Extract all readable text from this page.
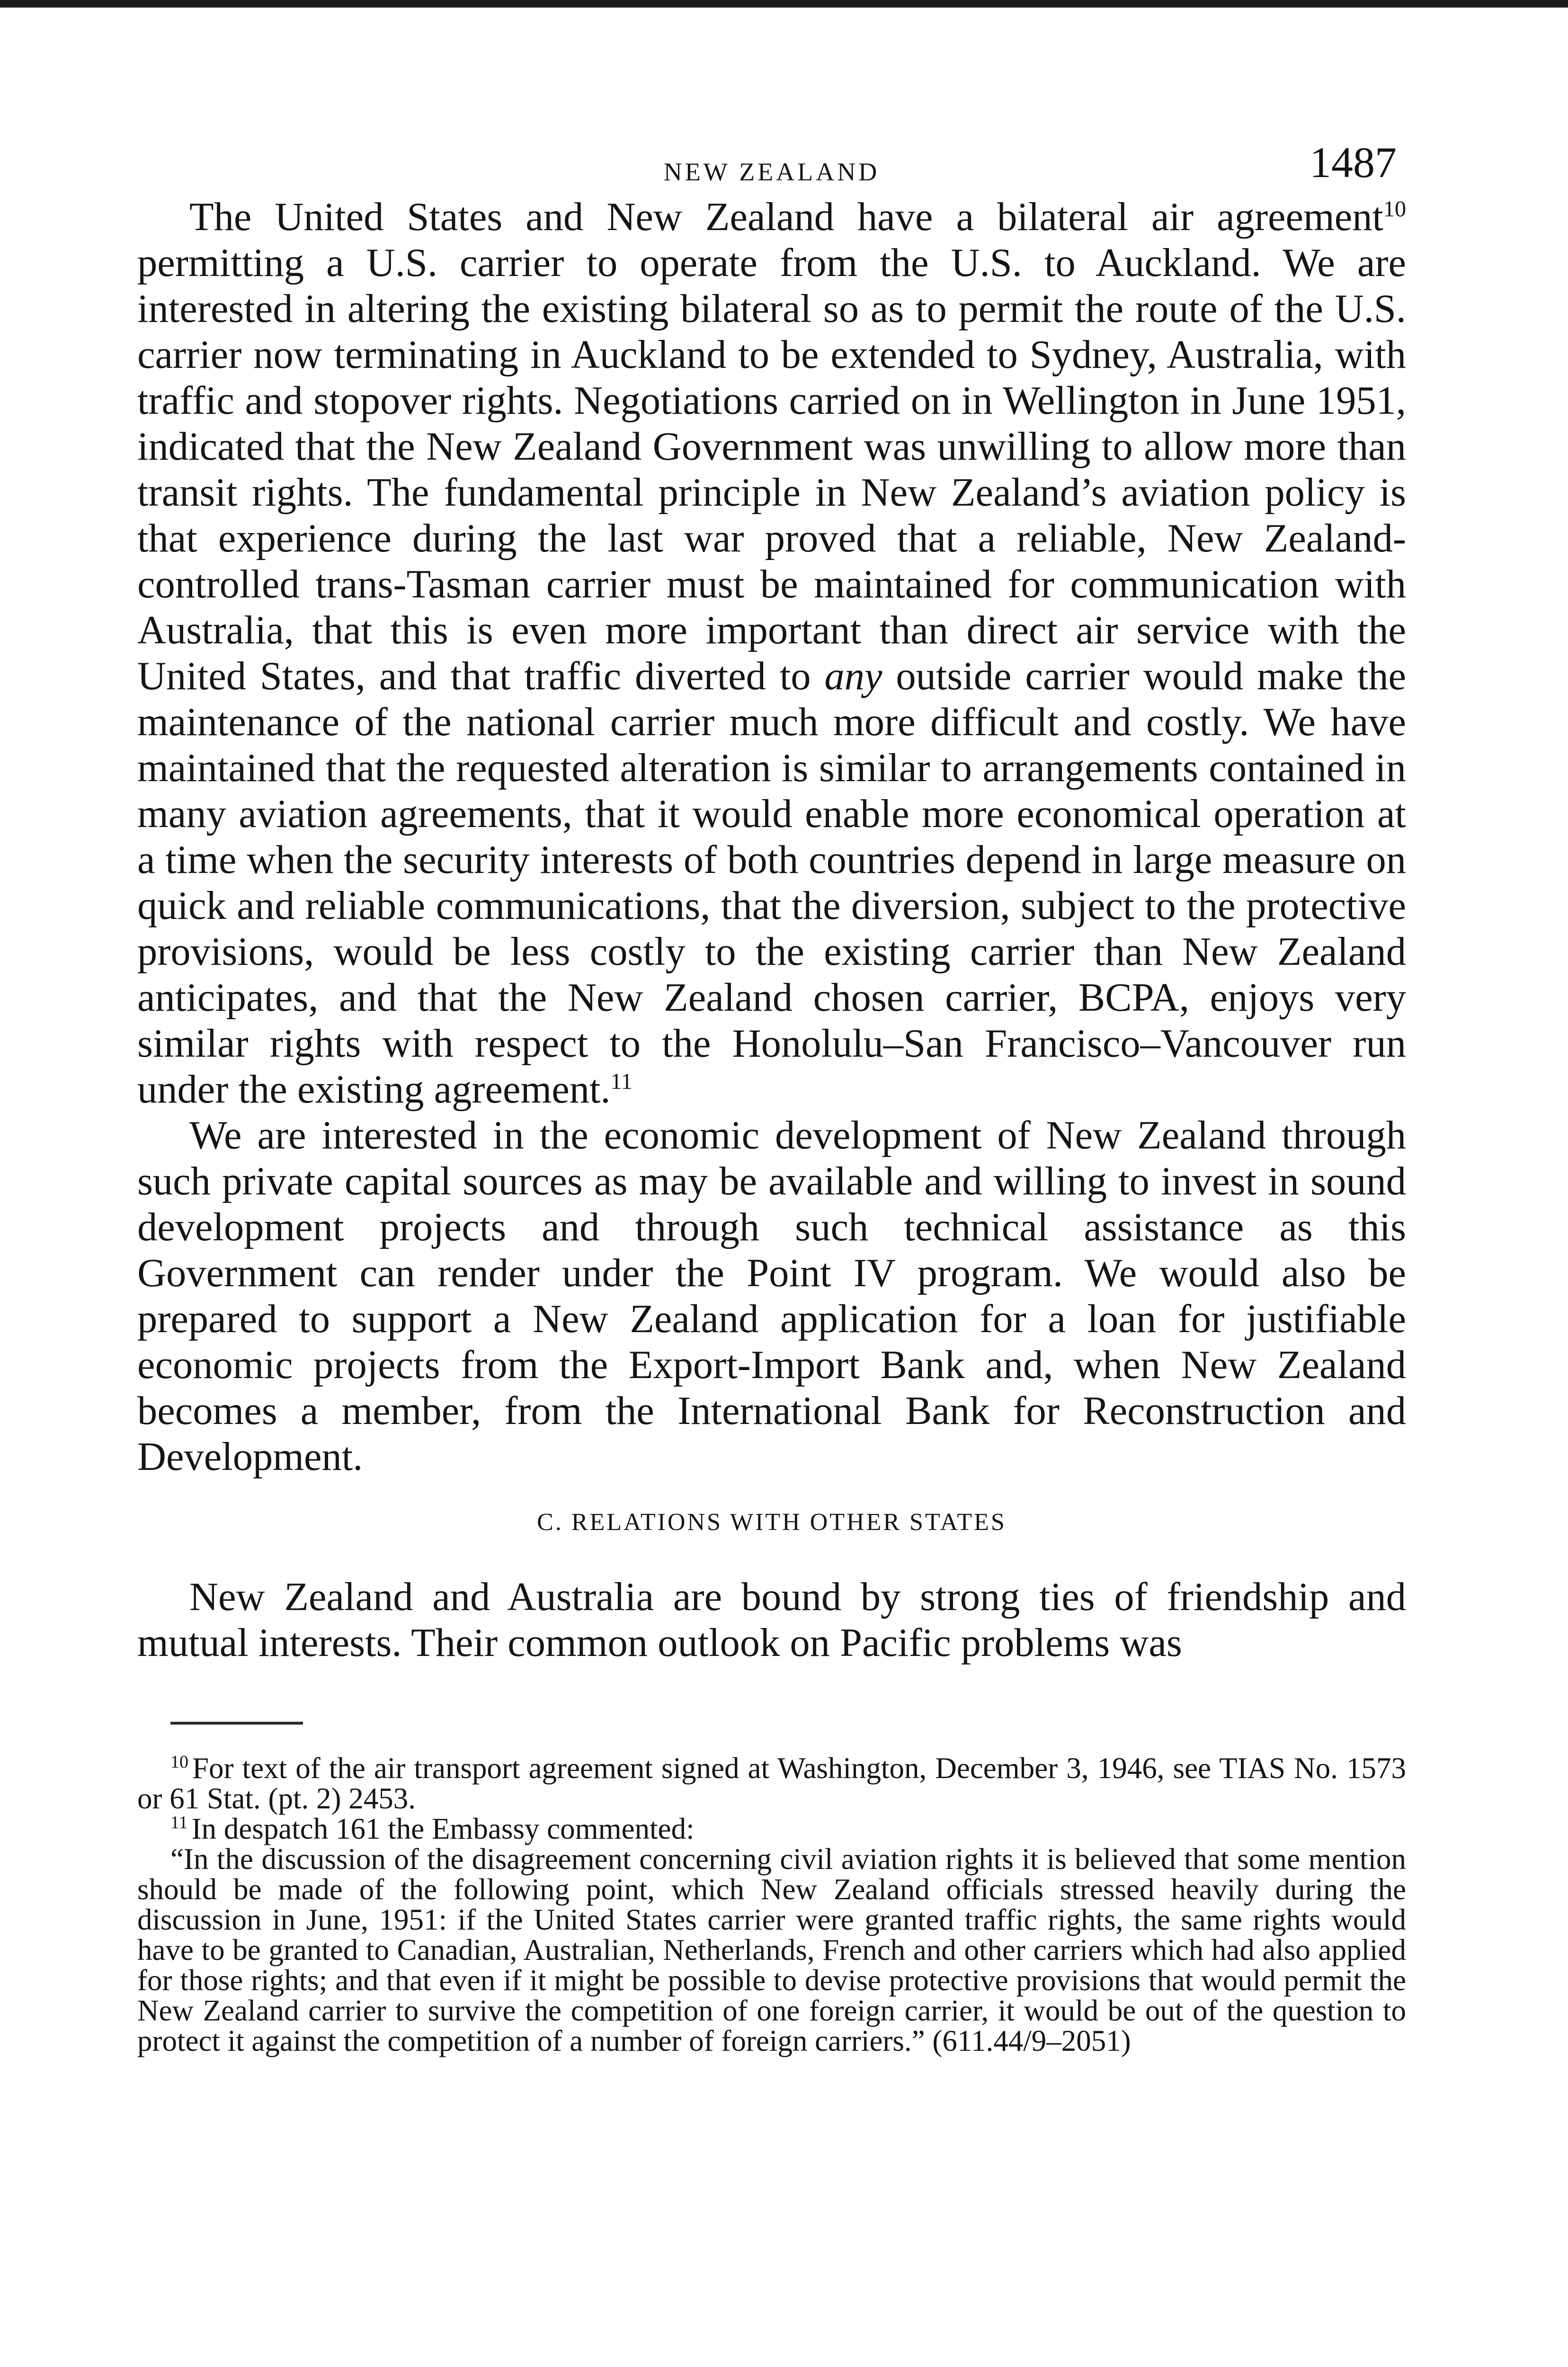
NEW ZEALAND	1487

The United States and New Zealand have a bilateral air agreement$^{10}$ permitting a U.S. carrier to operate from the U.S. to Auckland. We are interested in altering the existing bilateral so as to permit the route of the U.S. carrier now terminating in Auckland to be extended to Sydney, Australia, with traffic and stopover rights. Negotiations carried on in Wellington in June 1951, indicated that the New Zealand Government was unwilling to allow more than transit rights. The fundamental principle in New Zealand’s aviation policy is that experience during the last war proved that a reliable, New Zealand-controlled trans-Tasman carrier must be maintained for communication with Australia, that this is even more important than direct air service with the United States, and that traffic diverted to any outside carrier would make the maintenance of the national carrier much more difficult and costly. We have maintained that the requested alteration is similar to arrangements contained in many aviation agreements, that it would enable more economical operation at a time when the security interests of both countries depend in large measure on quick and reliable communications, that the diversion, subject to the protective provisions, would be less costly to the existing carrier than New Zealand anticipates, and that the New Zealand chosen carrier, BCPA, enjoys very similar rights with respect to the Honolulu–San Francisco–Vancouver run under the existing agreement.$^{11}$

We are interested in the economic development of New Zealand through such private capital sources as may be available and willing to invest in sound development projects and through such technical assistance as this Government can render under the Point IV program. We would also be prepared to support a New Zealand application for a loan for justifiable economic projects from the Export-Import Bank and, when New Zealand becomes a member, from the International Bank for Reconstruction and Development.

C. RELATIONS WITH OTHER STATES

New Zealand and Australia are bound by strong ties of friendship and mutual interests. Their common outlook on Pacific problems was

$^{10}$ For text of the air transport agreement signed at Washington, December 3, 1946, see TIAS No. 1573 or 61 Stat. (pt. 2) 2453.

$^{11}$ In despatch 161 the Embassy commented:

“In the discussion of the disagreement concerning civil aviation rights it is believed that some mention should be made of the following point, which New Zealand officials stressed heavily during the discussion in June, 1951: if the United States carrier were granted traffic rights, the same rights would have to be granted to Canadian, Australian, Netherlands, French and other carriers which had also applied for those rights; and that even if it might be possible to devise protective provisions that would permit the New Zealand carrier to survive the competition of one foreign carrier, it would be out of the question to protect it against the competition of a number of foreign carriers.” (611.44/9–2051)
